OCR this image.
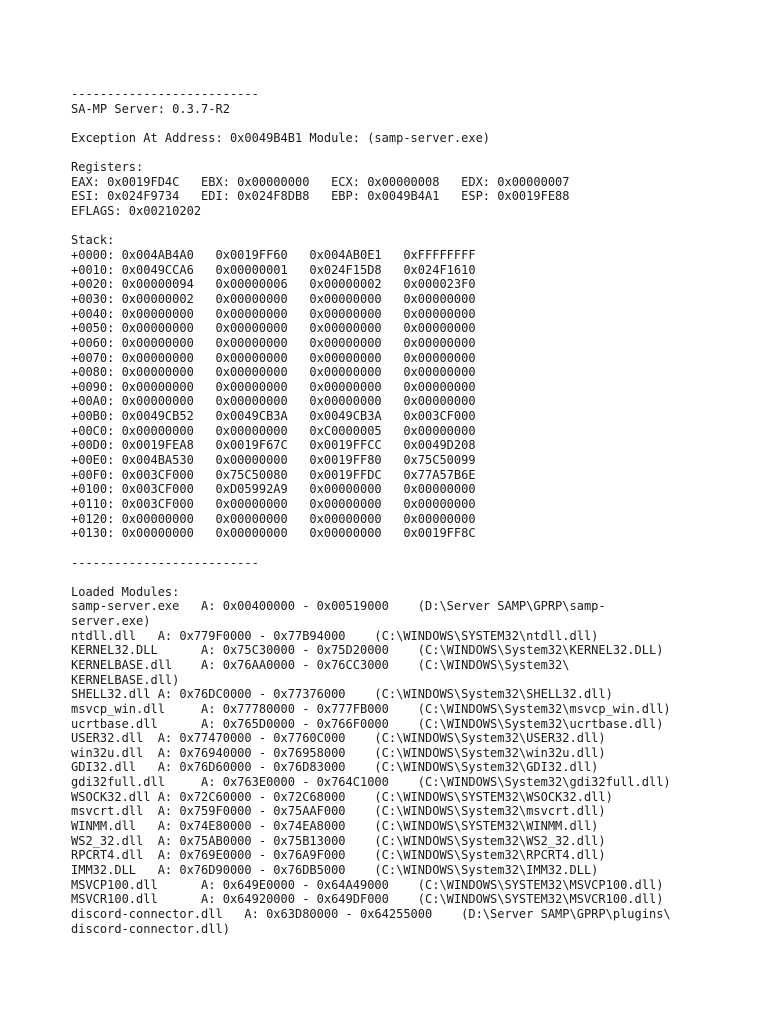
--------------------------
SA-MP Server: 0.3.7-R2
Exception At Address: 0x0049B4B1 Module: (samp-server.exe)
Registers:
EAX: 0x0019FD4C   EBX: 0x00000000   ECX: 0x00000008   EDX: 0x00000007
ESI: 0x024F9734   EDI: 0x024F8DB8   EBP: 0x0049B4A1   ESP: 0x0019FE88
EFLAGS: 0x00210202
Stack:
+0000: 0x004AB4A0   0x0019FF60   0x004AB0E1   0xFFFFFFFF
+0010: 0x0049CCA6   0x00000001   0x024F15D8   0x024F1610
+0020: 0x00000094   0x00000006   0x00000002   0x000023F0
+0030: 0x00000002   0x00000000   0x00000000   0x00000000
+0040: 0x00000000   0x00000000   0x00000000   0x00000000
+0050: 0x00000000   0x00000000   0x00000000   0x00000000
+0060: 0x00000000   0x00000000   0x00000000   0x00000000
+0070: 0x00000000   0x00000000   0x00000000   0x00000000
+0080: 0x00000000   0x00000000   0x00000000   0x00000000
+0090: 0x00000000   0x00000000   0x00000000   0x00000000
+00A0: 0x00000000   0x00000000   0x00000000   0x00000000
+00B0: 0x0049CB52   0x0049CB3A   0x0049CB3A   0x003CF000
+00C0: 0x00000000   0x00000000   0xC0000005   0x00000000
+00D0: 0x0019FEA8   0x0019F67C   0x0019FFCC   0x0049D208
+00E0: 0x004BA530   0x00000000   0x0019FF80   0x75C50099
+00F0: 0x003CF000   0x75C50080   0x0019FFDC   0x77A57B6E
+0100: 0x003CF000   0xD05992A9   0x00000000   0x00000000
+0110: 0x003CF000   0x00000000   0x00000000   0x00000000
+0120: 0x00000000   0x00000000   0x00000000   0x00000000
+0130: 0x00000000   0x00000000   0x00000000   0x0019FF8C
--------------------------
Loaded Modules:
samp-server.exe   A: 0x00400000 - 0x00519000    (D:\Server SAMP\GPRP\samp-
server.exe)
ntdll.dll   A: 0x779F0000 - 0x77B94000    (C:\WINDOWS\SYSTEM32\ntdll.dll)
KERNEL32.DLL      A: 0x75C30000 - 0x75D20000    (C:\WINDOWS\System32\KERNEL32.DLL)
KERNELBASE.dll    A: 0x76AA0000 - 0x76CC3000    (C:\WINDOWS\System32\
KERNELBASE.dll)
SHELL32.dll A: 0x76DC0000 - 0x77376000    (C:\WINDOWS\System32\SHELL32.dll)
msvcp_win.dll     A: 0x77780000 - 0x777FB000    (C:\WINDOWS\System32\msvcp_win.dll)
ucrtbase.dll      A: 0x765D0000 - 0x766F0000    (C:\WINDOWS\System32\ucrtbase.dll)
USER32.dll  A: 0x77470000 - 0x7760C000    (C:\WINDOWS\System32\USER32.dll)
win32u.dll  A: 0x76940000 - 0x76958000    (C:\WINDOWS\System32\win32u.dll)
GDI32.dll   A: 0x76D60000 - 0x76D83000    (C:\WINDOWS\System32\GDI32.dll)
gdi32full.dll     A: 0x763E0000 - 0x764C1000    (C:\WINDOWS\System32\gdi32full.dll)
WSOCK32.dll A: 0x72C60000 - 0x72C68000    (C:\WINDOWS\SYSTEM32\WSOCK32.dll)
msvcrt.dll  A: 0x759F0000 - 0x75AAF000    (C:\WINDOWS\System32\msvcrt.dll)
WINMM.dll   A: 0x74E80000 - 0x74EA8000    (C:\WINDOWS\SYSTEM32\WINMM.dll)
WS2_32.dll  A: 0x75AB0000 - 0x75B13000    (C:\WINDOWS\System32\WS2_32.dll)
RPCRT4.dll  A: 0x769E0000 - 0x76A9F000    (C:\WINDOWS\System32\RPCRT4.dll)
IMM32.DLL   A: 0x76D90000 - 0x76DB5000    (C:\WINDOWS\System32\IMM32.DLL)
MSVCP100.dll      A: 0x649E0000 - 0x64A49000    (C:\WINDOWS\SYSTEM32\MSVCP100.dll)
MSVCR100.dll      A: 0x64920000 - 0x649DF000    (C:\WINDOWS\SYSTEM32\MSVCR100.dll)
discord-connector.dll   A: 0x63D80000 - 0x64255000    (D:\Server SAMP\GPRP\plugins\
discord-connector.dll)
